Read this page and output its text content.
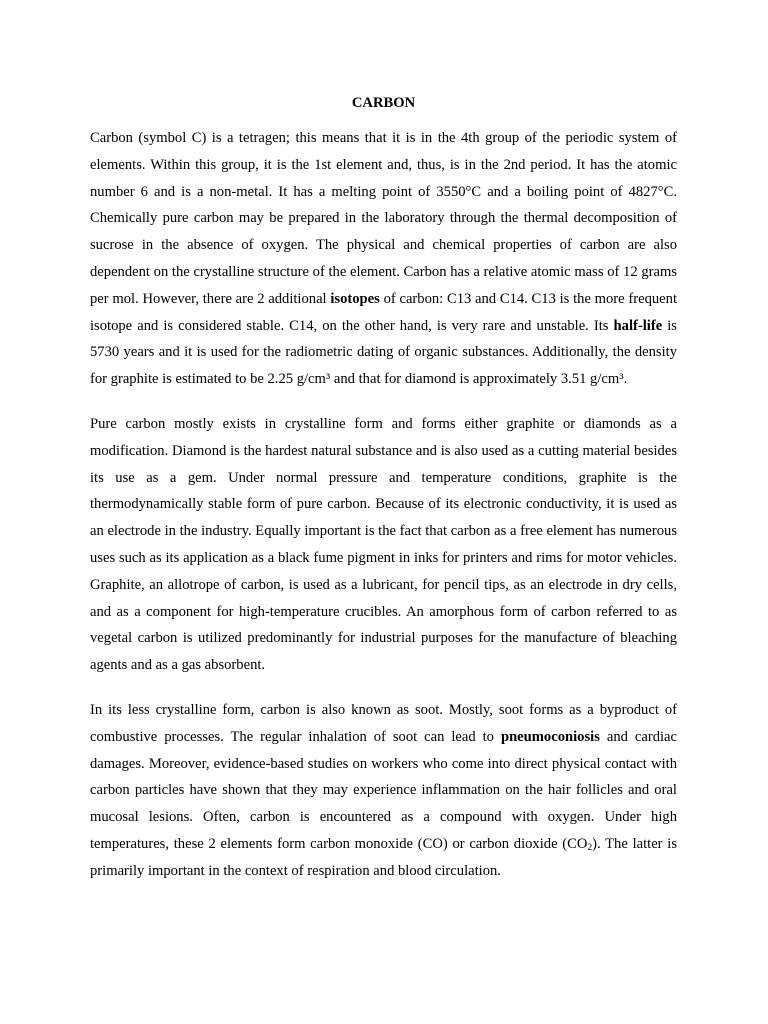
CARBON

Carbon (symbol C) is a tetragen; this means that it is in the 4th group of the periodic system of elements. Within this group, it is the 1st element and, thus, is in the 2nd period. It has the atomic number 6 and is a non-metal. It has a melting point of 3550°C and a boiling point of 4827°C. Chemically pure carbon may be prepared in the laboratory through the thermal decomposition of sucrose in the absence of oxygen. The physical and chemical properties of carbon are also dependent on the crystalline structure of the element. Carbon has a relative atomic mass of 12 grams per mol. However, there are 2 additional isotopes of carbon: C13 and C14. C13 is the more frequent isotope and is considered stable. C14, on the other hand, is very rare and unstable. Its half-life is 5730 years and it is used for the radiometric dating of organic substances. Additionally, the density for graphite is estimated to be 2.25 g/cm³ and that for diamond is approximately 3.51 g/cm³.

Pure carbon mostly exists in crystalline form and forms either graphite or diamonds as a modification. Diamond is the hardest natural substance and is also used as a cutting material besides its use as a gem. Under normal pressure and temperature conditions, graphite is the thermodynamically stable form of pure carbon. Because of its electronic conductivity, it is used as an electrode in the industry. Equally important is the fact that carbon as a free element has numerous uses such as its application as a black fume pigment in inks for printers and rims for motor vehicles. Graphite, an allotrope of carbon, is used as a lubricant, for pencil tips, as an electrode in dry cells, and as a component for high-temperature crucibles. An amorphous form of carbon referred to as vegetal carbon is utilized predominantly for industrial purposes for the manufacture of bleaching agents and as a gas absorbent.

In its less crystalline form, carbon is also known as soot. Mostly, soot forms as a byproduct of combustive processes. The regular inhalation of soot can lead to pneumoconiosis and cardiac damages. Moreover, evidence-based studies on workers who come into direct physical contact with carbon particles have shown that they may experience inflammation on the hair follicles and oral mucosal lesions. Often, carbon is encountered as a compound with oxygen. Under high temperatures, these 2 elements form carbon monoxide (CO) or carbon dioxide $(CO_2)$. The latter is primarily important in the context of respiration and blood circulation.
